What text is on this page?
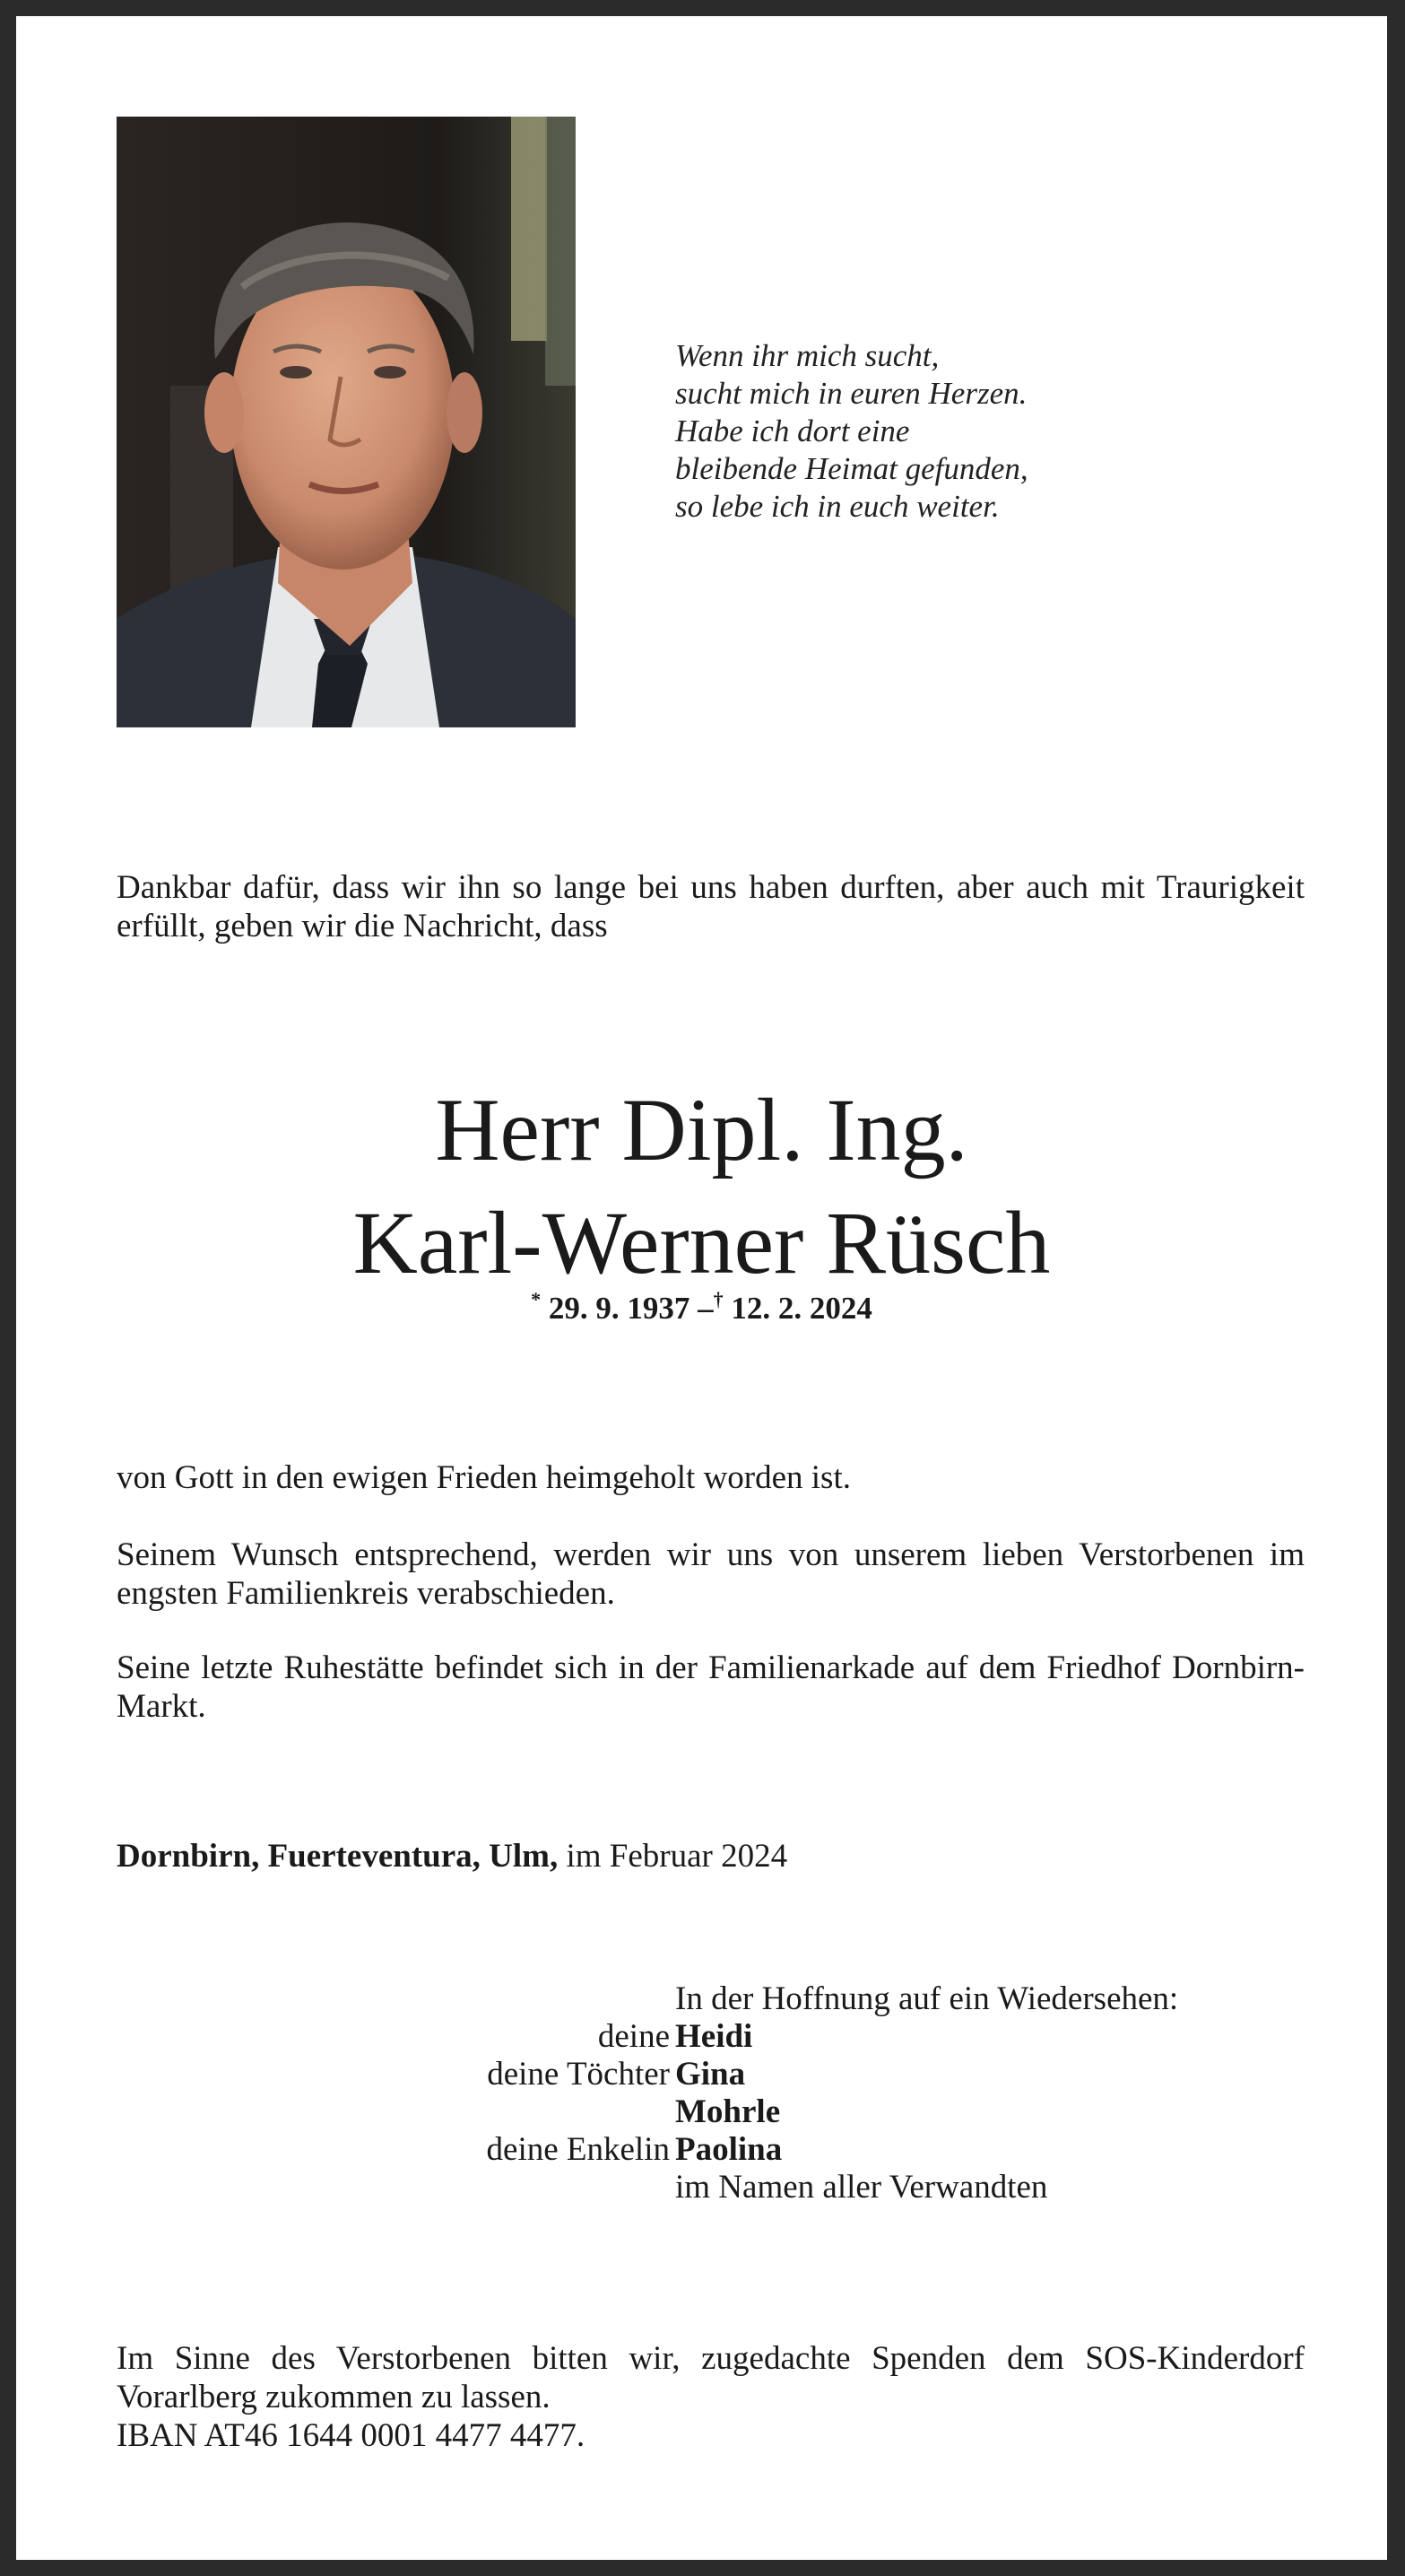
Wenn ihr mich sucht,
sucht mich in euren Herzen.
Habe ich dort eine
bleibende Heimat gefunden,
so lebe ich in euch weiter.
Dankbar dafür, dass wir ihn so lange bei uns haben durften, aber auch mit Traurigkeit erfüllt, geben wir die Nachricht, dass
Herr Dipl. Ing.
Karl-Werner Rüsch
* 29. 9. 1937 –† 12. 2. 2024
von Gott in den ewigen Frieden heimgeholt worden ist.
Seinem Wunsch entsprechend, werden wir uns von unserem lieben Verstorbenen im engsten Familienkreis verabschieden.
Seine letzte Ruhestätte befindet sich in der Familienarkade auf dem Friedhof Dornbirn-Markt.
Dornbirn, Fuerteventura, Ulm, im Februar 2024
In der Hoffnung auf ein Wiedersehen:
deine Heidi
deine Töchter Gina
Mohrle
deine Enkelin Paolina
im Namen aller Verwandten
Im Sinne des Verstorbenen bitten wir, zugedachte Spenden dem SOS-Kinderdorf Vorarlberg zukommen zu lassen.
IBAN AT46 1644 0001 4477 4477.
